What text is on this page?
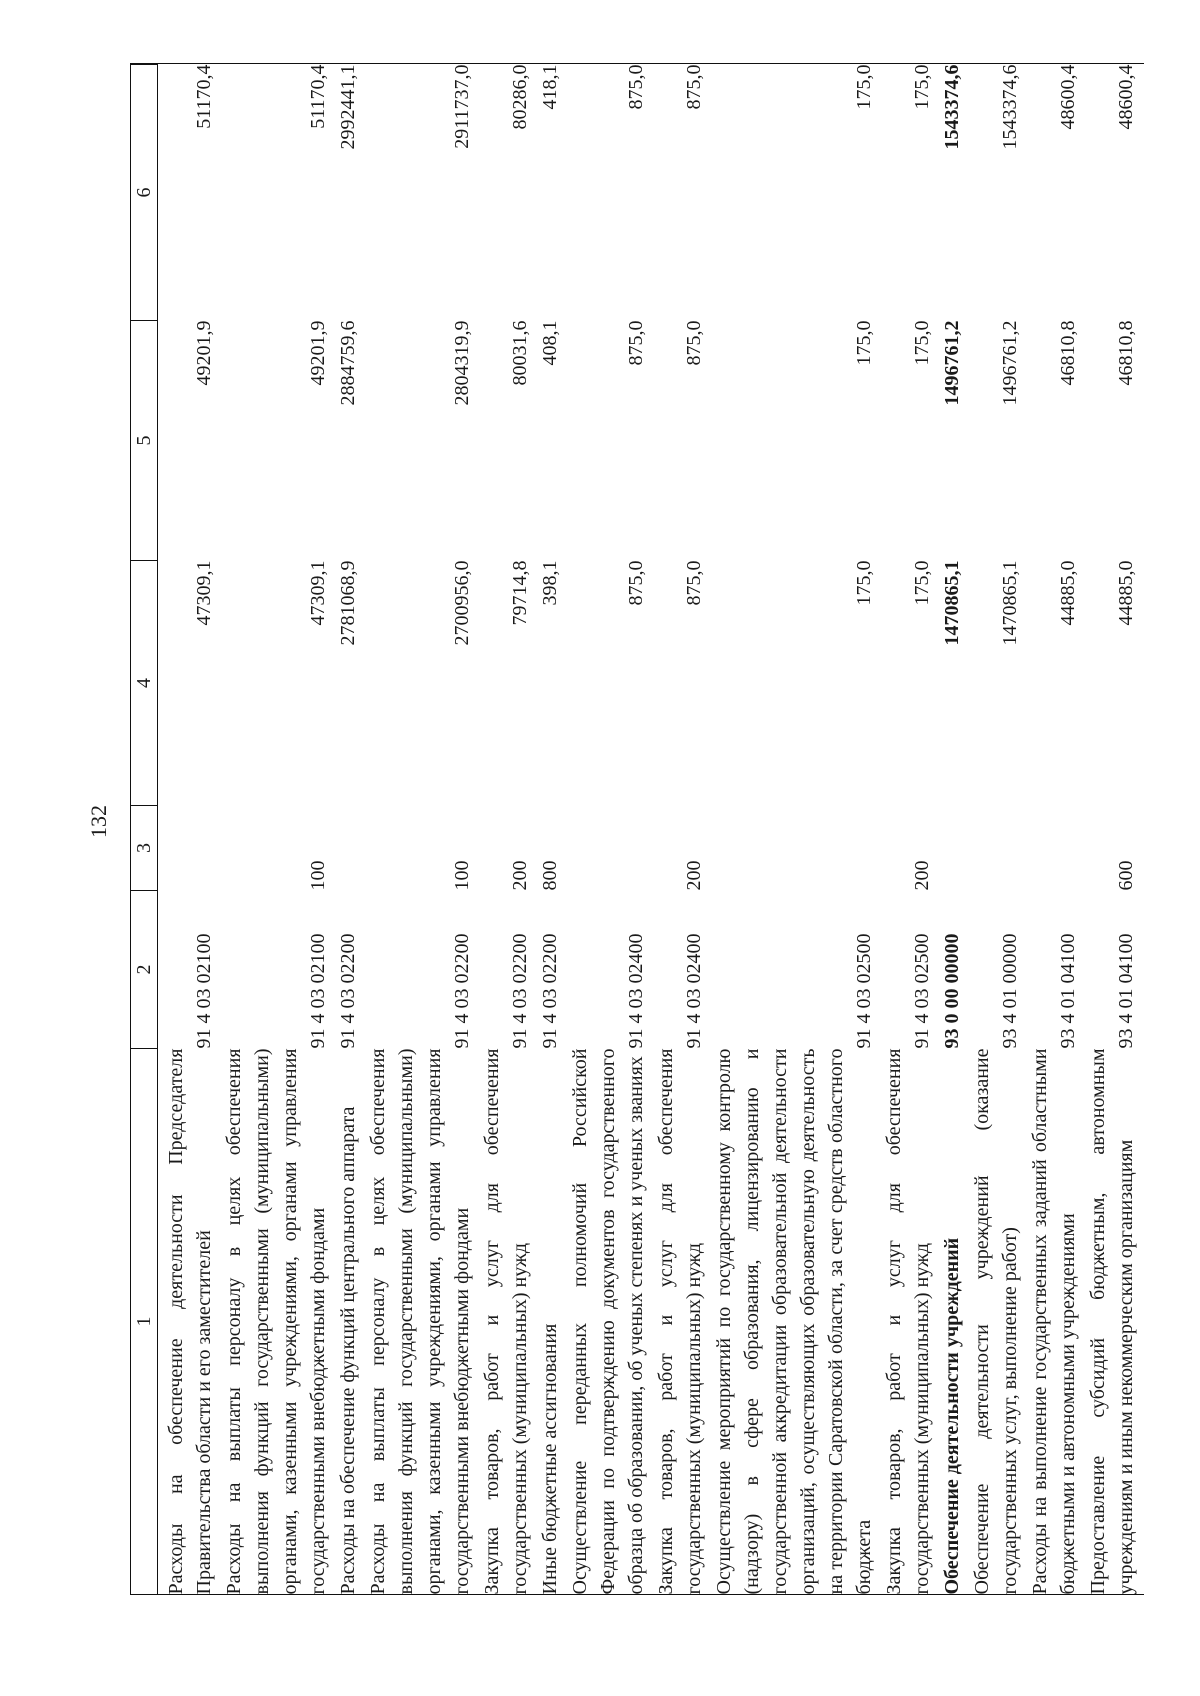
132
1	2	3	4	5	6
Расходы на обеспечение деятельности Председателя Правительства области и его заместителей	91 4 03 02100		47309,1	49201,9	51170,4
Расходы на выплаты персоналу в целях обеспечения выполнения функций государственными (муниципальными) органами, казенными учреждениями, органами управления государственными внебюджетными фондами	91 4 03 02100	100	47309,1	49201,9	51170,4
Расходы на обеспечение функций центрального аппарата	91 4 03 02200		2781068,9	2884759,6	2992441,1
Расходы на выплаты персоналу в целях обеспечения выполнения функций государственными (муниципальными) органами, казенными учреждениями, органами управления государственными внебюджетными фондами	91 4 03 02200	100	2700956,0	2804319,9	2911737,0
Закупка товаров, работ и услуг для обеспечения государственных (муниципальных) нужд	91 4 03 02200	200	79714,8	80031,6	80286,0
Иные бюджетные ассигнования	91 4 03 02200	800	398,1	408,1	418,1
Осуществление переданных полномочий Российской Федерации по подтверждению документов государственного образца об образовании, об ученых степенях и ученых званиях	91 4 03 02400		875,0	875,0	875,0
Закупка товаров, работ и услуг для обеспечения государственных (муниципальных) нужд	91 4 03 02400	200	875,0	875,0	875,0
Осуществление мероприятий по государственному контролю (надзору) в сфере образования, лицензированию и государственной аккредитации образовательной деятельности организаций, осуществляющих образовательную деятельность на территории Саратовской области, за счет средств областного бюджета	91 4 03 02500		175,0	175,0	175,0
Закупка товаров, работ и услуг для обеспечения государственных (муниципальных) нужд	91 4 03 02500	200	175,0	175,0	175,0
Обеспечение деятельности учреждений	93 0 00 00000		1470865,1	1496761,2	1543374,6
Обеспечение деятельности учреждений (оказание государственных услуг, выполнение работ)	93 4 01 00000		1470865,1	1496761,2	1543374,6
Расходы на выполнение государственных заданий областными бюджетными и автономными учреждениями	93 4 01 04100		44885,0	46810,8	48600,4
Предоставление субсидий бюджетным, автономным учреждениям и иным некоммерческим организациям	93 4 01 04100	600	44885,0	46810,8	48600,4
